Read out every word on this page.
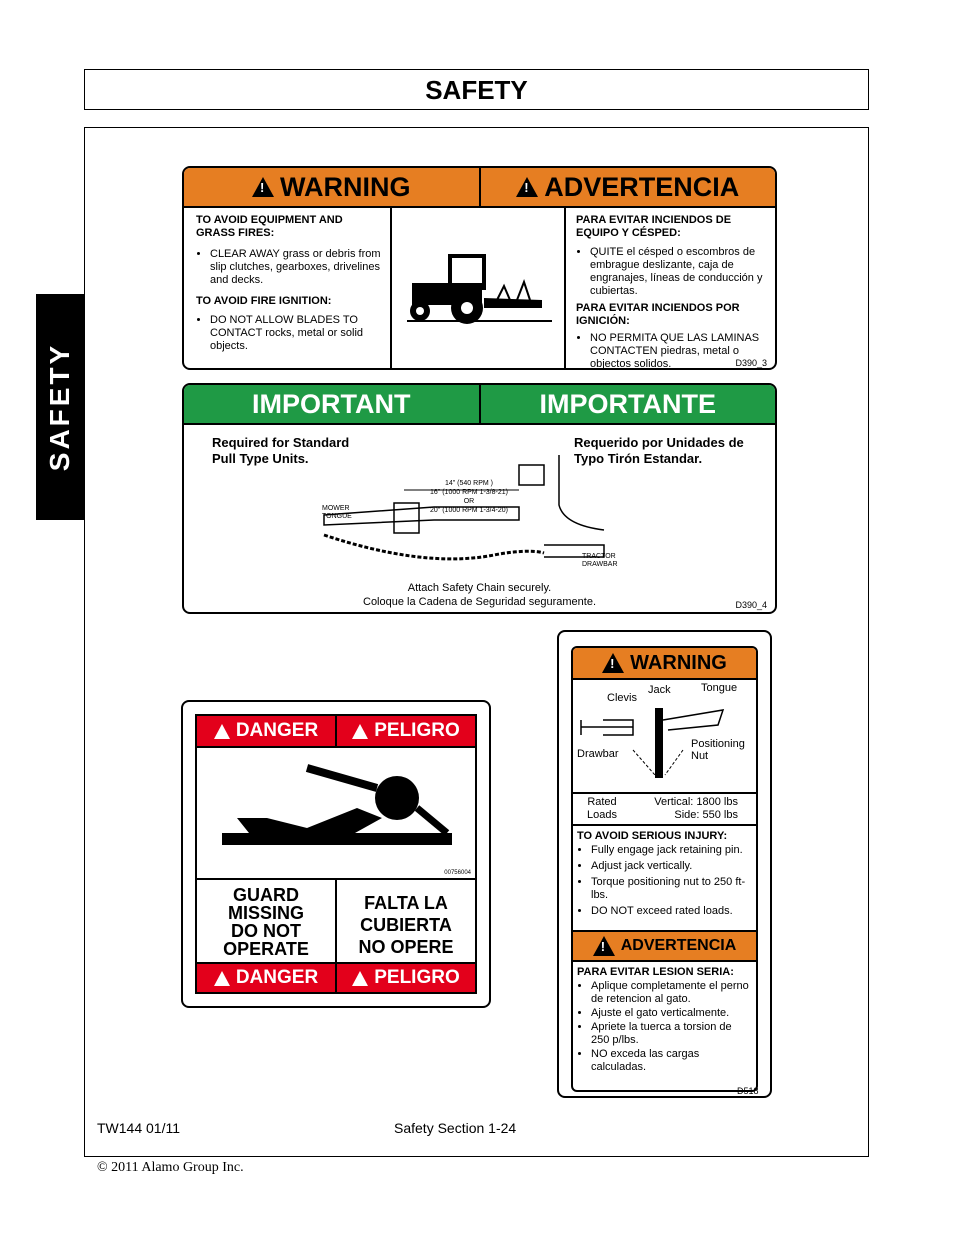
SAFETY
SAFETY
!
WARNING !	ADVERTENCIA
TO AVOID EQUIPMENT AND GRASS FIRES:
• CLEAR AWAY grass or debris from slip clutches, gearboxes, drivelines and decks.
TO AVOID FIRE IGNITION:
• DO NOT ALLOW BLADES TO CONTACT rocks, metal or solid objects.
PARA EVITAR INCIENDOS DE EQUIPO Y CÉSPED:
• QUITE el césped o escombros de embrague deslizante, caja de engranajes, líneas de conducción y cubiertas.
PARA EVITAR INCIENDOS POR IGNICIÓN:
• NO PERMITA QUE LAS LAMINAS CONTACTEN piedras, metal o objectos solidos.	D390_3
IMPORTANT	IMPORTANTE
Required for Standard
Pull Type Units.
Requerido por Unidades de
Typo Tirón Estandar.
14" (540 RPM )
16" (1000 RPM 1-3/8-21)
OR
20" (1000 RPM 1-3/4-20)
MOWER
TONGUE
TRACTOR
DRAWBAR
Attach Safety Chain securely.
Coloque la Cadena de Seguridad seguramente.	D390_4
!
DANGER !	PELIGRO
00756004
GUARD
MISSING
DO NOT
OPERATE
FALTA LA
CUBIERTA
NO OPERE
!
DANGER !	PELIGRO
!
WARNING
Jack	Tongue
Clevis
Drawbar
Positioning
Nut
Rated
Loads
Vertical: 1800 lbs
Side: 550 lbs
TO AVOID SERIOUS INJURY:
• Fully engage jack retaining pin.
• Adjust jack vertically.
• Torque positioning nut to 250 ft-lbs.
• DO NOT exceed rated loads.
!
ADVERTENCIA
PARA EVITAR LESION SERIA:
• Aplique completamente el perno de retencion al gato.
• Ajuste el gato verticalmente.
• Apriete la tuerca a torsion de 250 p/lbs.
• NO exceda las cargas calculadas.
D518
TW144 01/11	Safety Section 1-24
© 2011 Alamo Group Inc.
